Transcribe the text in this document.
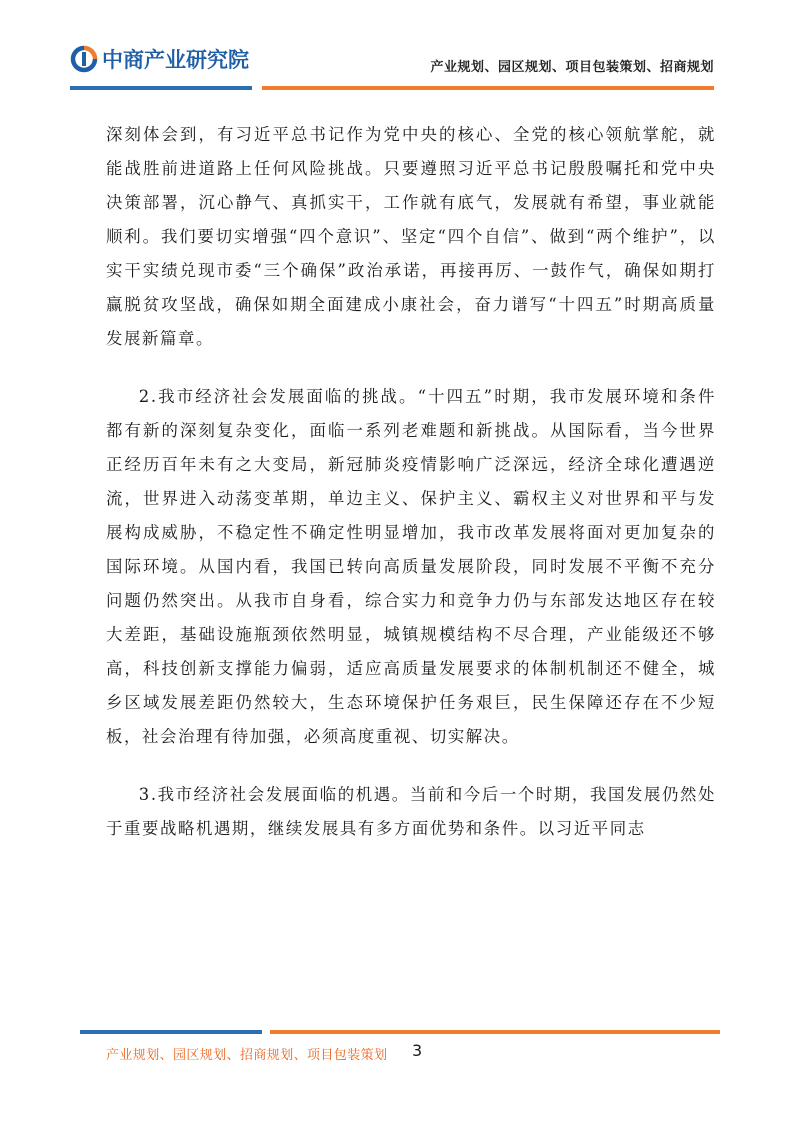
中商产业研究院	产业规划、园区规划、项目包装策划、招商规划

深刻体会到，有习近平总书记作为党中央的核心、全党的核心领航掌舵，就能战胜前进道路上任何风险挑战。只要遵照习近平总书记殷殷嘱托和党中央决策部署，沉心静气、真抓实干，工作就有底气，发展就有希望，事业就能顺利。我们要切实增强“四个意识”、坚定“四个自信”、做到“两个维护”，以实干实绩兑现市委“三个确保”政治承诺，再接再厉、一鼓作气，确保如期打赢脱贫攻坚战，确保如期全面建成小康社会，奋力谱写“十四五”时期高质量发展新篇章。

2.我市经济社会发展面临的挑战。“十四五”时期，我市发展环境和条件都有新的深刻复杂变化，面临一系列老难题和新挑战。从国际看，当今世界正经历百年未有之大变局，新冠肺炎疫情影响广泛深远，经济全球化遭遇逆流，世界进入动荡变革期，单边主义、保护主义、霸权主义对世界和平与发展构成威胁，不稳定性不确定性明显增加，我市改革发展将面对更加复杂的国际环境。从国内看，我国已转向高质量发展阶段，同时发展不平衡不充分问题仍然突出。从我市自身看，综合实力和竞争力仍与东部发达地区存在较大差距，基础设施瓶颈依然明显，城镇规模结构不尽合理，产业能级还不够高，科技创新支撑能力偏弱，适应高质量发展要求的体制机制还不健全，城乡区域发展差距仍然较大，生态环境保护任务艰巨，民生保障还存在不少短板，社会治理有待加强，必须高度重视、切实解决。

3.我市经济社会发展面临的机遇。当前和今后一个时期，我国发展仍然处于重要战略机遇期，继续发展具有多方面优势和条件。以习近平同志

产业规划、园区规划、招商规划、项目包装策划 3
